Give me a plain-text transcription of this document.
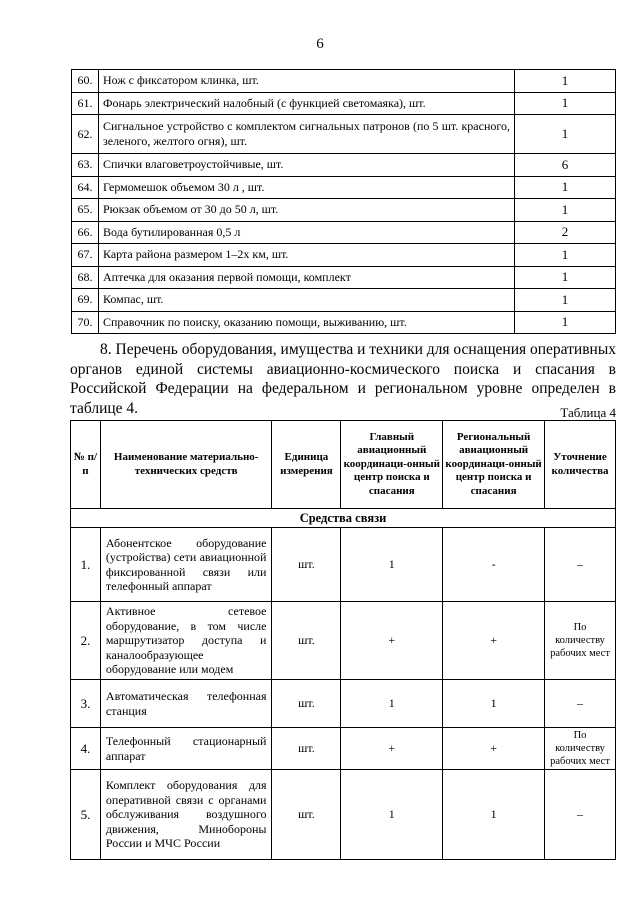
6
60.	Нож с фиксатором клинка, шт.	1
61.	Фонарь электрический налобный (с функцией светомаяка), шт.	1
62.	Сигнальное устройство с комплектом сигнальных патронов (по 5 шт. красного, зеленого, желтого огня), шт.	1
63.	Спички влаговетроустойчивые, шт.	6
64.	Гермомешок объемом 30 л , шт.	1
65.	Рюкзак объемом от 30 до 50 л, шт.	1
66.	Вода бутилированная 0,5 л	2
67.	Карта района размером 1–2х км, шт.	1
68.	Аптечка для оказания первой помощи, комплект	1
69.	Компас, шт.	1
70.	Справочник по поиску, оказанию помощи, выживанию, шт.	1

8. Перечень оборудования, имущества и техники для оснащения оперативных органов единой системы авиационно-космического поиска и спасания в Российской Федерации на федеральном и региональном уровне определен в таблице 4.	Таблица 4
№ п/п	Наименование материально-технических средств	Единица измерения	Главный авиационный координаци-онный центр поиска и спасания	Региональный авиационный координаци-онный центр поиска и спасания	Уточнение количества
Средства связи					
1.	Абонентское оборудование (устройства) сети авиационной фиксированной связи или телефонный аппарат	шт.	1	-	–
2.	Активное сетевое оборудование, в том числе маршрутизатор доступа и каналообразующее оборудование или модем	шт.	+	+	По количеству рабочих мест
3.	Автоматическая телефонная станция	шт.	1	1	–
4.	Телефонный стационарный аппарат	шт.	+	+	По количеству рабочих мест
5.	Комплект оборудования для оперативной связи с органами обслуживания воздушного движения, Минобороны России и МЧС России	шт.	1	1	–
